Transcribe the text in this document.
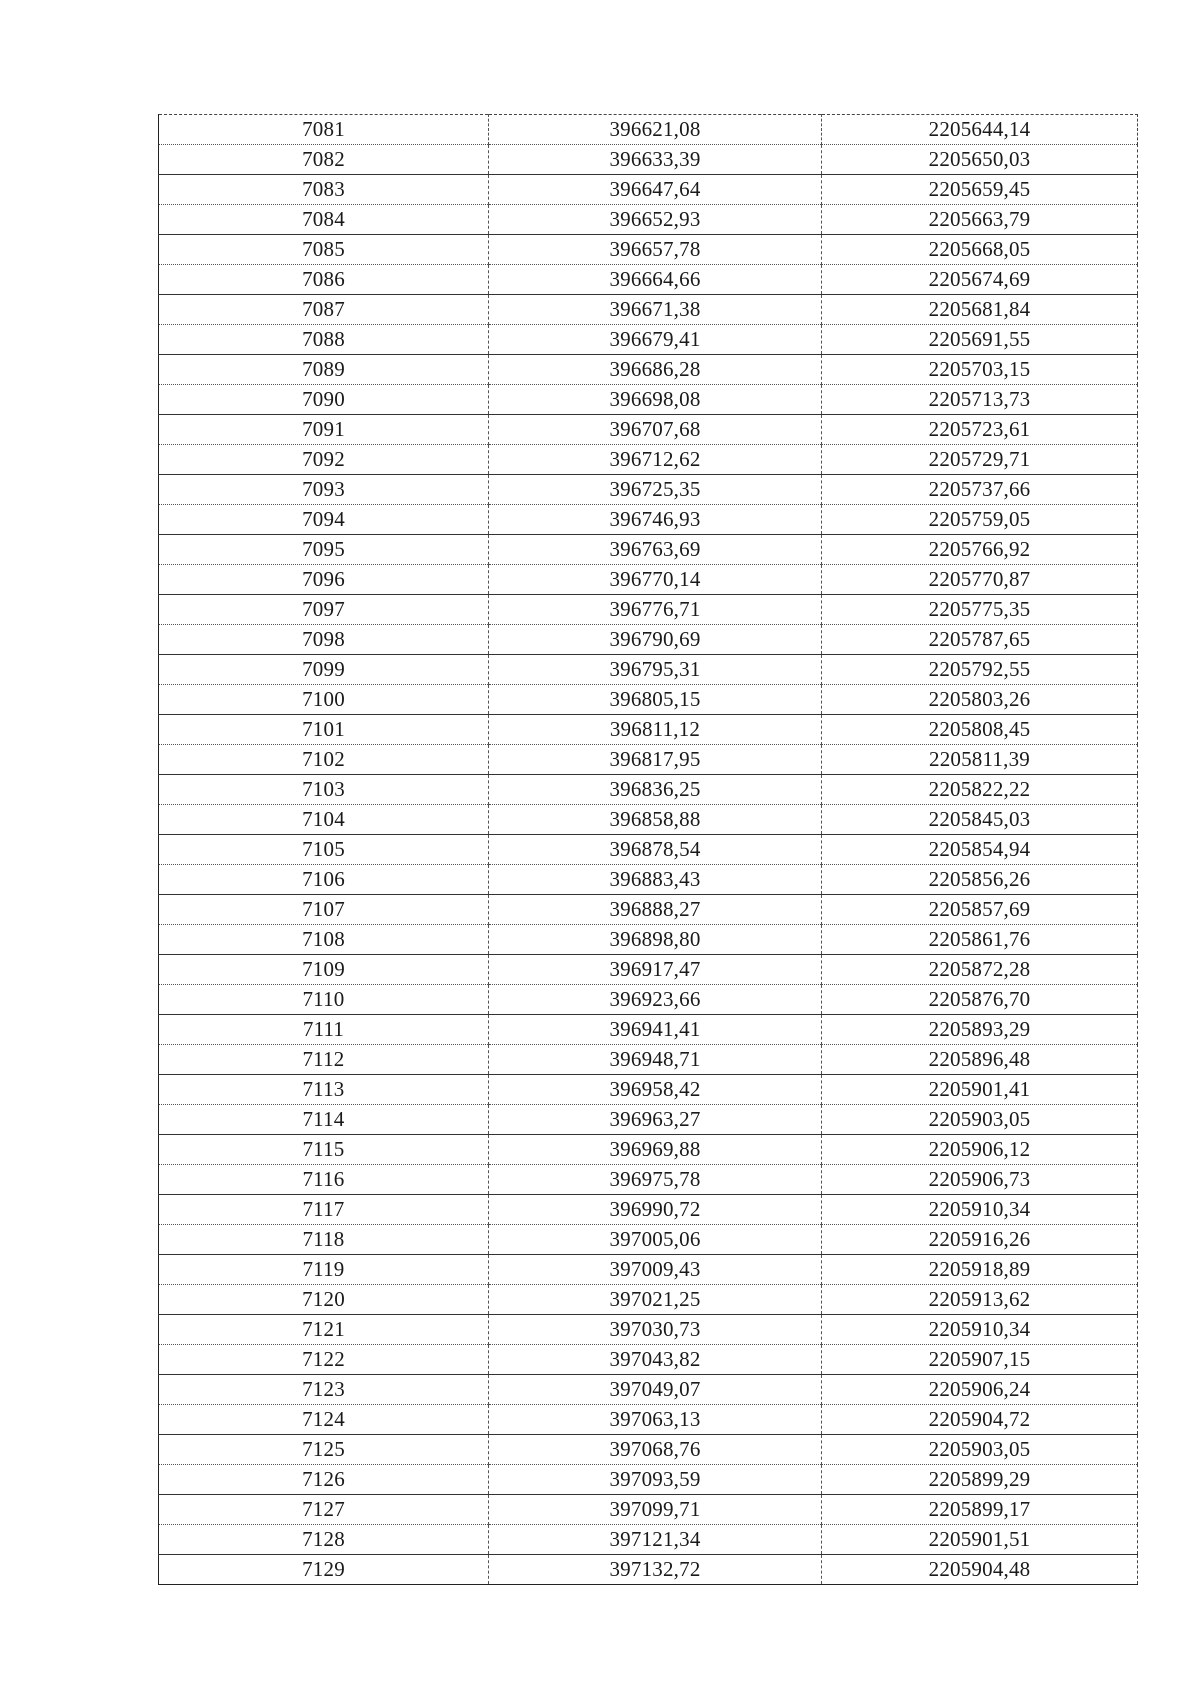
7081	396621,08	2205644,14
7082	396633,39	2205650,03
7083	396647,64	2205659,45
7084	396652,93	2205663,79
7085	396657,78	2205668,05
7086	396664,66	2205674,69
7087	396671,38	2205681,84
7088	396679,41	2205691,55
7089	396686,28	2205703,15
7090	396698,08	2205713,73
7091	396707,68	2205723,61
7092	396712,62	2205729,71
7093	396725,35	2205737,66
7094	396746,93	2205759,05
7095	396763,69	2205766,92
7096	396770,14	2205770,87
7097	396776,71	2205775,35
7098	396790,69	2205787,65
7099	396795,31	2205792,55
7100	396805,15	2205803,26
7101	396811,12	2205808,45
7102	396817,95	2205811,39
7103	396836,25	2205822,22
7104	396858,88	2205845,03
7105	396878,54	2205854,94
7106	396883,43	2205856,26
7107	396888,27	2205857,69
7108	396898,80	2205861,76
7109	396917,47	2205872,28
7110	396923,66	2205876,70
7111	396941,41	2205893,29
7112	396948,71	2205896,48
7113	396958,42	2205901,41
7114	396963,27	2205903,05
7115	396969,88	2205906,12
7116	396975,78	2205906,73
7117	396990,72	2205910,34
7118	397005,06	2205916,26
7119	397009,43	2205918,89
7120	397021,25	2205913,62
7121	397030,73	2205910,34
7122	397043,82	2205907,15
7123	397049,07	2205906,24
7124	397063,13	2205904,72
7125	397068,76	2205903,05
7126	397093,59	2205899,29
7127	397099,71	2205899,17
7128	397121,34	2205901,51
7129	397132,72	2205904,48
